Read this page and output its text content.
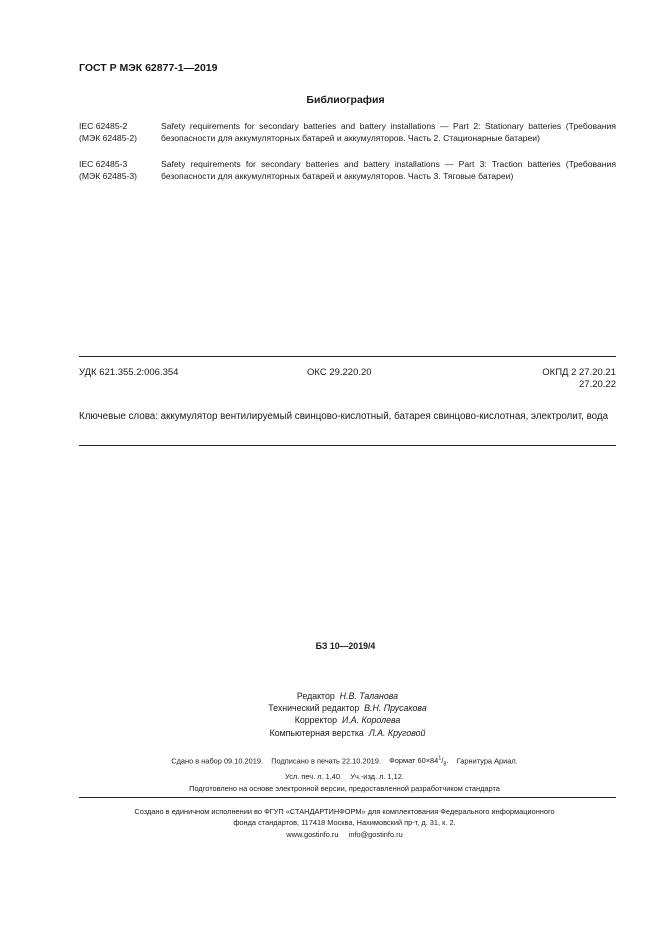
ГОСТ Р МЭК 62877-1—2019
Библиография
IEC 62485-2
(МЭК 62485-2)
Safety requirements for secondary batteries and battery installations — Part 2: Stationary batteries (Требования безопасности для аккумуляторных батарей и аккумуляторов. Часть 2. Стационарные батареи)
IEC 62485-3
(МЭК 62485-3)
Safety requirements for secondary batteries and battery installations — Part 3: Traction batteries (Требования безопасности для аккумуляторных батарей и аккумуляторов. Часть 3. Тяговые батареи)
УДК 621.355.2:006.354	ОКС 29.220.20	ОКПД 2 27.20.21
27.20.22
Ключевые слова: аккумулятор вентилируемый свинцово-кислотный, батарея свинцово-кислотная, электролит, вода
БЗ 10—2019/4
Редактор Н.В. Таланова
Технический редактор В.Н. Прусакова
Корректор И.А. Королева
Компьютерная верстка Л.А. Круговой
Сдано в набор 09.10.2019. Подписано в печать 22.10.2019. Формат $60\times 84^1/_8$. Гарнитура Ариал.
Усл. печ. л. 1,40. Уч.-изд. л. 1,12.
Подготовлено на основе электронной версии, предоставленной разработчиком стандарта
Создано в единичном исполнении во ФГУП «СТАНДАРТИНФОРМ» для комплектования Федерального информационного
фонда стандартов, 117418 Москва, Нахимовский пр-т, д. 31, к. 2.
www.gostinfo.ru info@gostinfo.ru
